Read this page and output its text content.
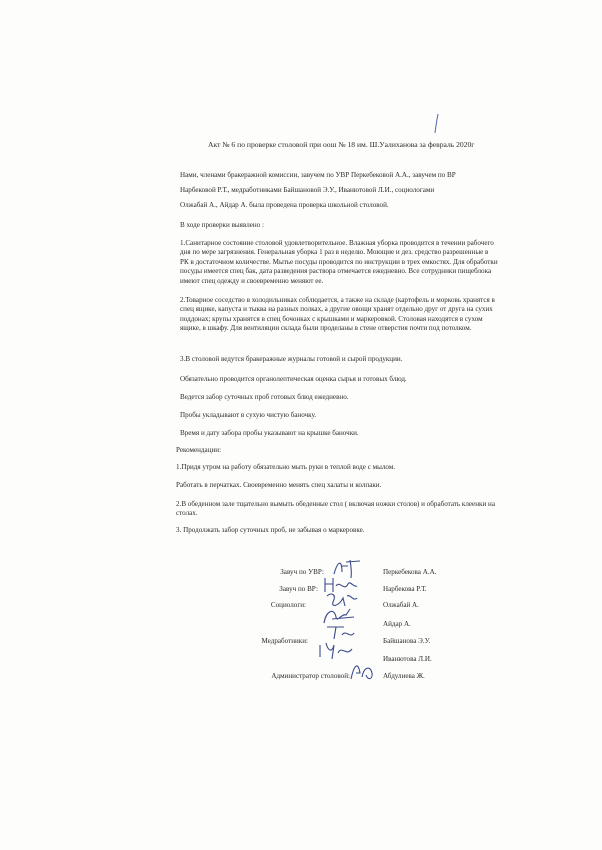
Акт № 6 по проверке столовой при оош № 18 им. Ш.Уалиханова за февраль 2020г
Нами, членами бракеражной комиссии, завучем по УВР Перкебековой А.А., завучем по ВР
Нарбековой Р.Т., медработниками Байшановой Э.У., Иванютовой Л.И., социологами
Олжабай А., Айдар А. была проведена проверка школьной столовой.
В ходе проверки выявлено :
1.Санитарное состояние столовой удовлетворительное. Влажная уборка проводится в течении рабочего дня по мере загрязнения. Генеральная уборка 1 раз в неделю. Моющие и дез. средство разрешенные в РК в достаточном количестве. Мытье посуды проводится по инструкции в трех емкостях. Для обработки посуды имеется спец бак, дата разведения раствора отмечается ежедневно. Все сотрудники пищеблока имеют спец одежду и своевременно меняют ее.
2.Товарное соседство в холодильниках соблюдается, а также на складе (картофель и морковь хранятся в спец ящике, капуста и тыква на разных полках, а другие овощи хранят отдельно друг от друга на сухих поддонах; крупы хранятся в спец бочонках с крышками и маркеровкой. Столовая находятся в сухом ящике, в шкафу. Для вентиляции склада были проделаны в стене отверстия почти под потолком.
3.В столовой ведутся бракеражные журналы готовой и сырой продукции.
Обязательно проводится органолептическая оценка сырья и готовых блюд.
Ведется забор суточных проб готовых блюд ежедневно.
Пробы укладывают в сухую чистую баночку.
Время и дату забора пробы указывают на крышке баночки.
Рекомендации:
1.Придя утром на работу обязательно мыть руки в теплой воде с мылом.
Работать в перчатках. Своевременно менять спец халаты и колпаки.
2.В обеденном зале тщательно вымыть обеденные стол ( включая ножки столов) и обработать клеенки на столах.
3. Продолжать забор суточных проб, не забывая о маркеровке.
Завуч по УВР:
Завуч по ВР:
Социологи:
Медработники:
Администратор столовой:
Перкебекова А.А.
Нарбекова Р.Т.
Олжабай А.
Айдар А.
Байшанова Э.У.
Иванютова Л.И.
Абдулиева Ж.
